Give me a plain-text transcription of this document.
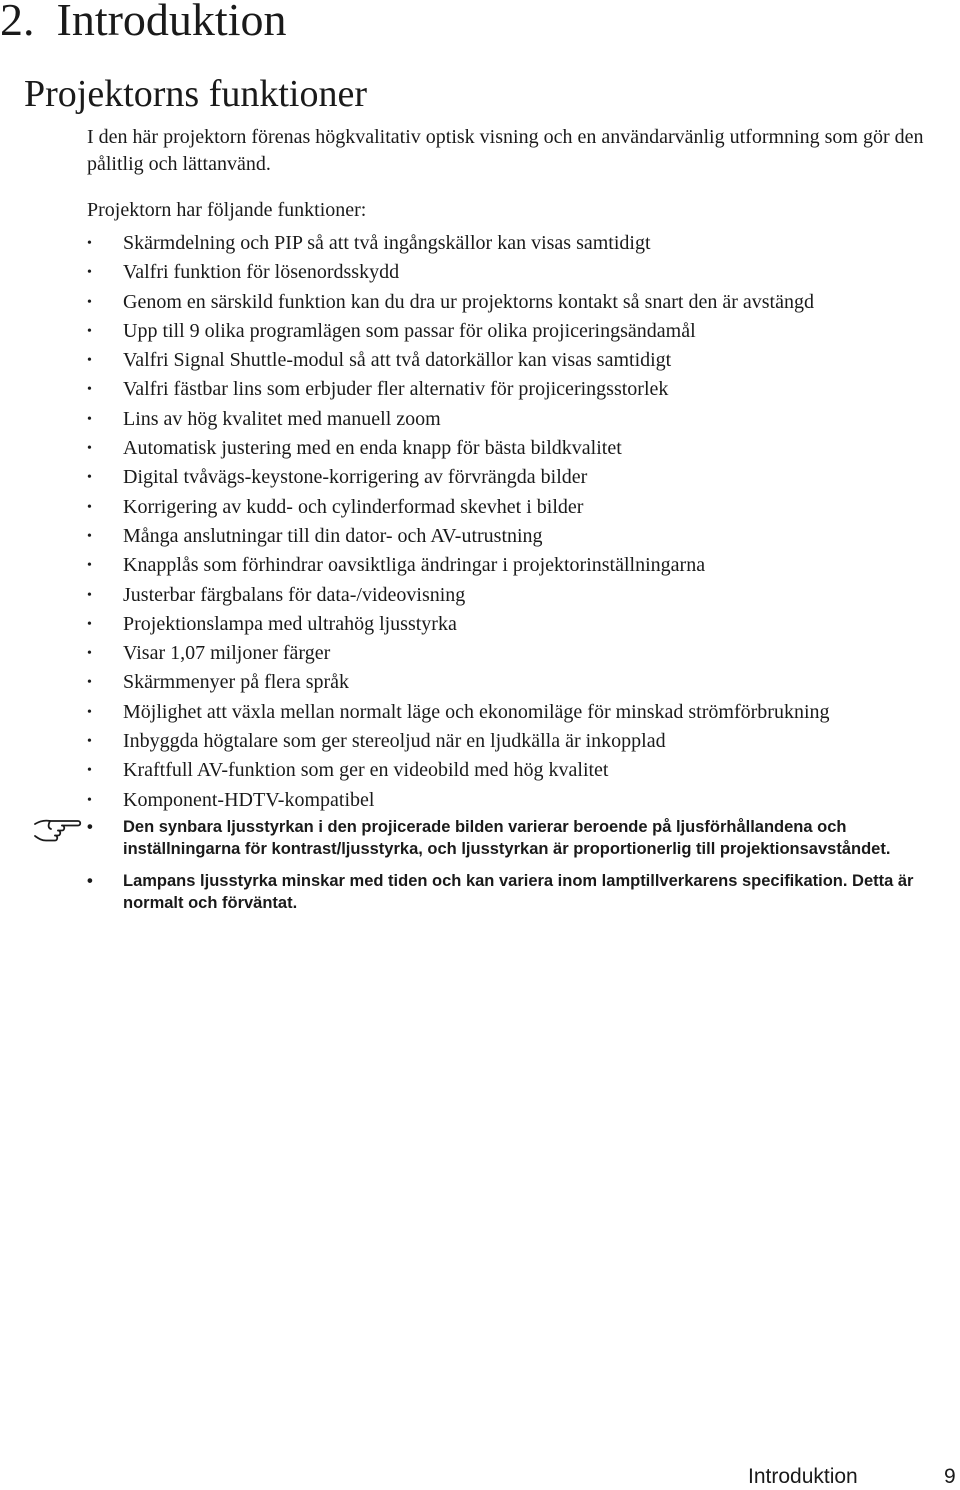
2. Introduktion
Projektorns funktioner

I den här projektorn förenas högkvalitativ optisk visning och en användarvänlig utformning som gör den pålitlig och lättanvänd.

Projektorn har följande funktioner:

• Skärmdelning och PIP så att två ingångskällor kan visas samtidigt
• Valfri funktion för lösenordsskydd
• Genom en särskild funktion kan du dra ur projektorns kontakt så snart den är avstängd
• Upp till 9 olika programlägen som passar för olika projiceringsändamål
• Valfri Signal Shuttle-modul så att två datorkällor kan visas samtidigt
• Valfri fästbar lins som erbjuder fler alternativ för projiceringsstorlek
• Lins av hög kvalitet med manuell zoom
• Automatisk justering med en enda knapp för bästa bildkvalitet
• Digital tvåvägs-keystone-korrigering av förvrängda bilder
• Korrigering av kudd- och cylinderformad skevhet i bilder
• Många anslutningar till din dator- och AV-utrustning
• Knapplås som förhindrar oavsiktliga ändringar i projektorinställningarna
• Justerbar färgbalans för data-/videovisning
• Projektionslampa med ultrahög ljusstyrka
• Visar 1,07 miljoner färger
• Skärmmenyer på flera språk
• Möjlighet att växla mellan normalt läge och ekonomiläge för minskad strömförbrukning
• Inbyggda högtalare som ger stereoljud när en ljudkälla är inkopplad
• Kraftfull AV-funktion som ger en videobild med hög kvalitet
• Komponent-HDTV-kompatibel
• Den synbara ljusstyrkan i den projicerade bilden varierar beroende på ljusförhållandena och inställningarna för kontrast/ljusstyrka, och ljusstyrkan är proportionerlig till projektionsavståndet.
• Lampans ljusstyrka minskar med tiden och kan variera inom lamptillverkarens specifikation. Detta är normalt och förväntat.
Introduktion	9
